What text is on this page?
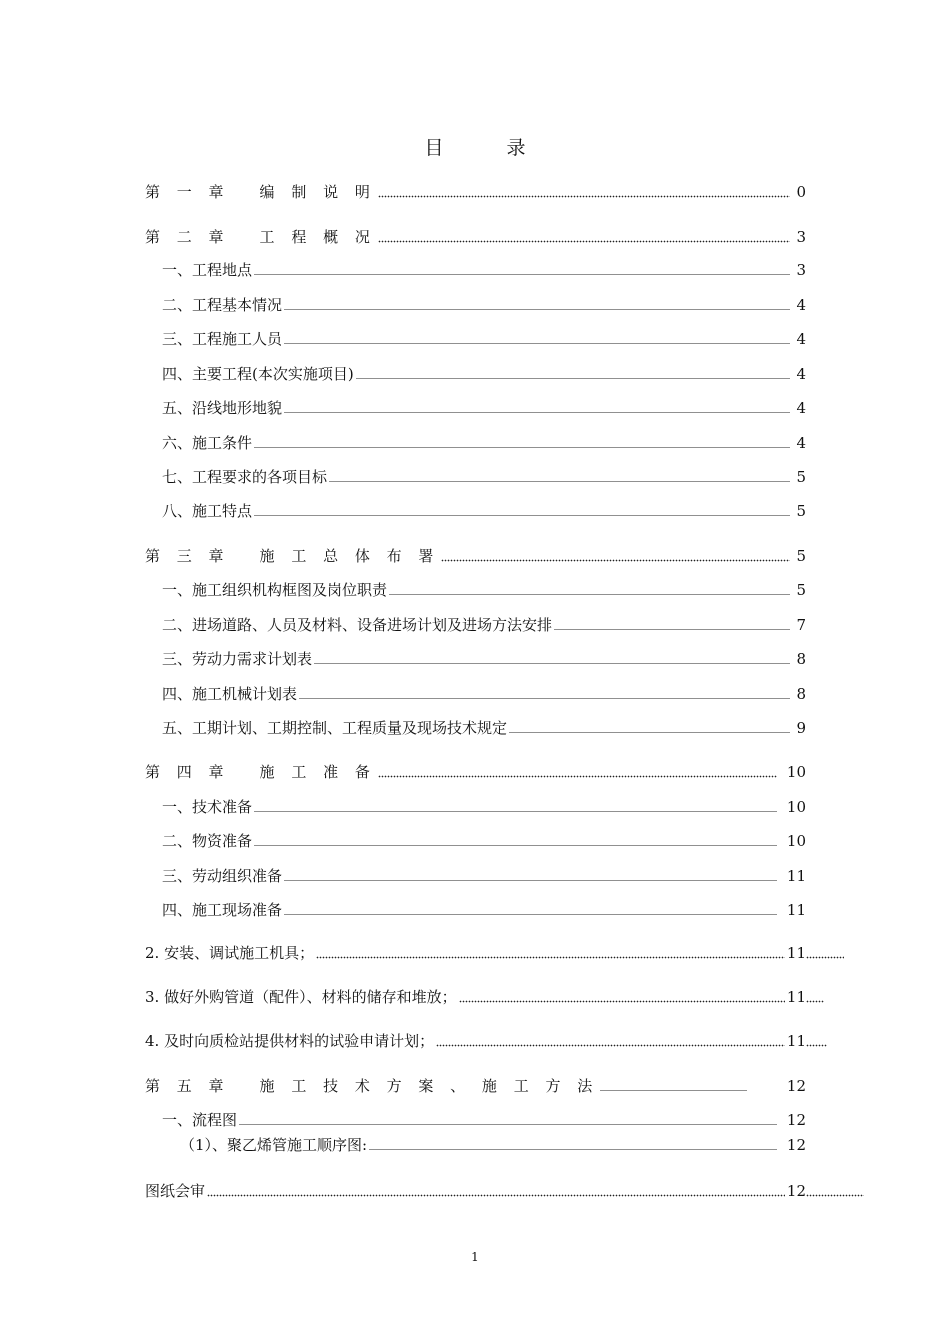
目　录
第 一 章 编 制 说 明	0
第 二 章 工 程 概 况	3
一、工程地点	3
二、工程基本情况	4
三、工程施工人员	4
四、主要工程(本次实施项目)	4
五、沿线地形地貌	4
六、施工条件	4
七、工程要求的各项目标	5
八、施工特点	5
第 三 章 施 工 总 体 布 署	5
一、施工组织机构框图及岗位职责	5
二、进场道路、人员及材料、设备进场计划及进场方法安排	7
三、劳动力需求计划表	8
四、施工机械计划表	8
五、工期计划、工期控制、工程质量及现场技术规定	9
第 四 章 施 工 准 备	10
一、技术准备	10
二、物资准备	10
三、劳动组织准备	11
四、施工现场准备	11
2. 安装、调试施工机具；	11
3. 做好外购管道（配件）、材料的储存和堆放；	11
4. 及时向质检站提供材料的试验申请计划；	11
第 五 章 施 工 技 术 方 案 、 施 工 方 法	12
一、流程图	12
（1）、聚乙烯管施工顺序图:	12
图纸会审	12
1
